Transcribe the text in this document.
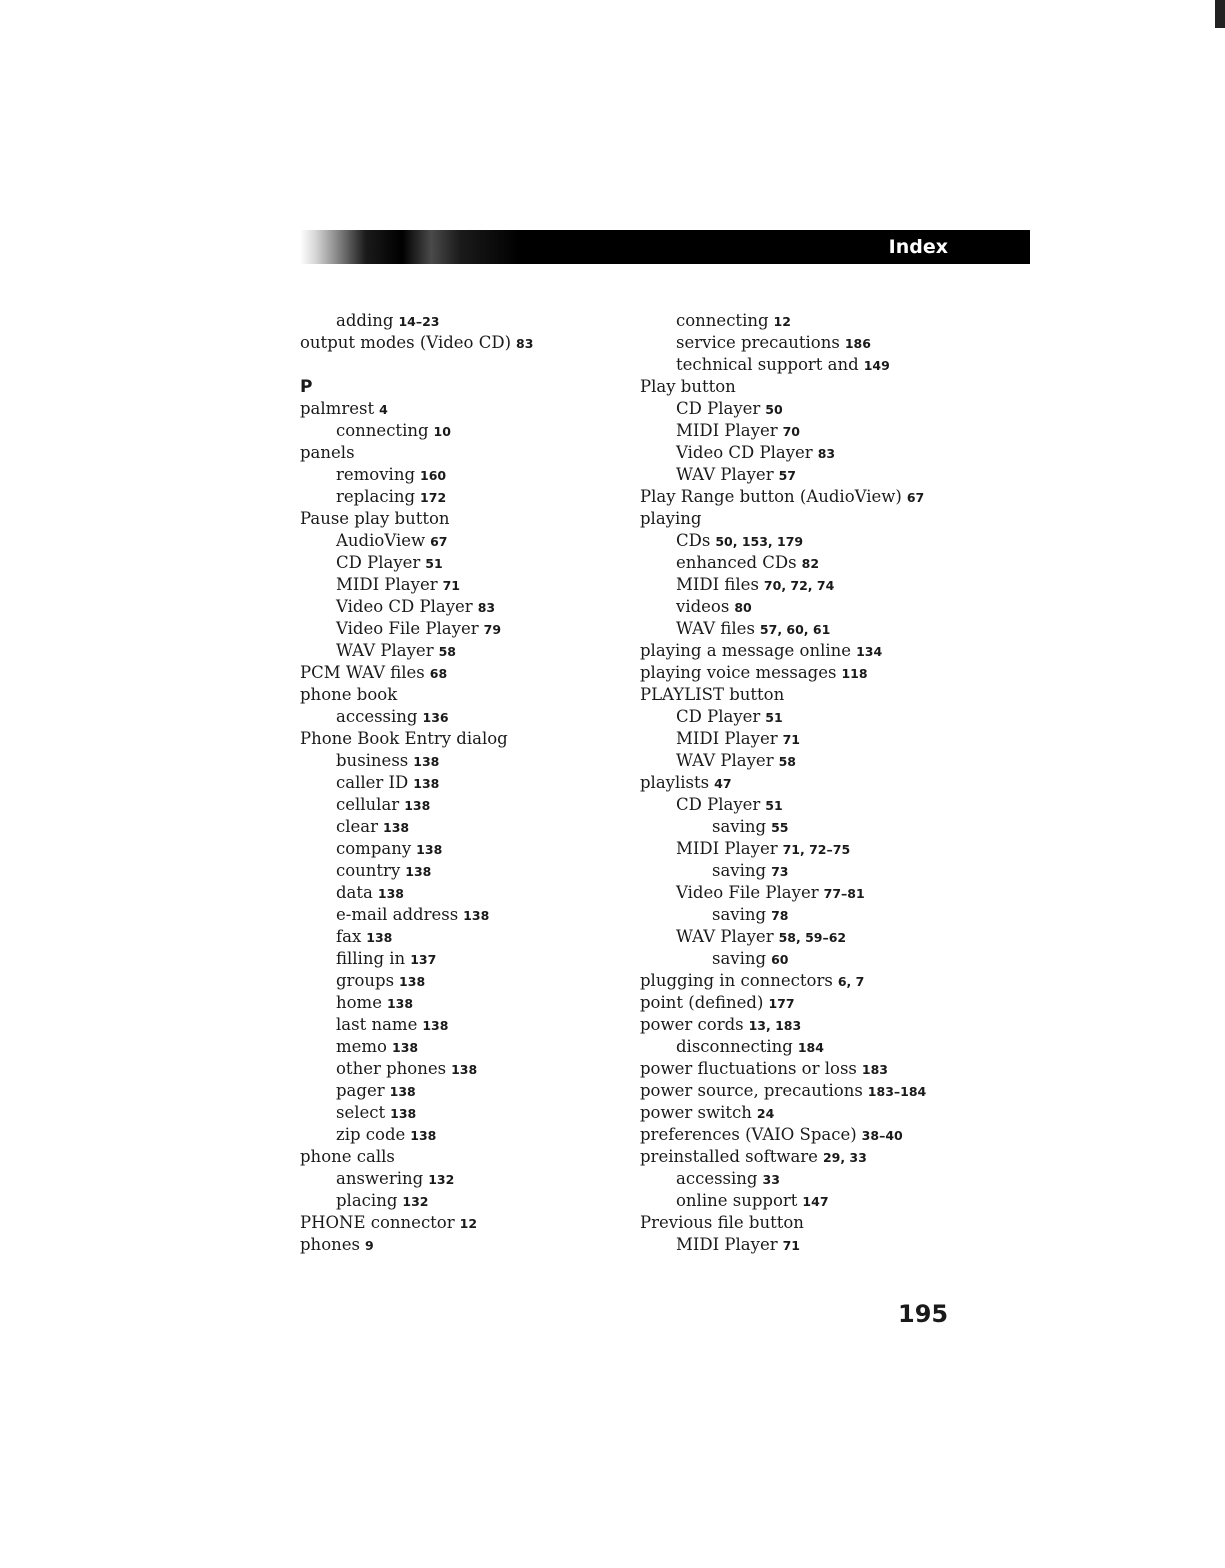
Index
adding 14–23
output modes (Video CD) 83
P
palmrest 4
connecting 10
panels
removing 160
replacing 172
Pause play button
AudioView 67
CD Player 51
MIDI Player 71
Video CD Player 83
Video File Player 79
WAV Player 58
PCM WAV files 68
phone book
accessing 136
Phone Book Entry dialog
business 138
caller ID 138
cellular 138
clear 138
company 138
country 138
data 138
e-mail address 138
fax 138
filling in 137
groups 138
home 138
last name 138
memo 138
other phones 138
pager 138
select 138
zip code 138
phone calls
answering 132
placing 132
PHONE connector 12
phones 9
connecting 12
service precautions 186
technical support and 149
Play button
CD Player 50
MIDI Player 70
Video CD Player 83
WAV Player 57
Play Range button (AudioView) 67
playing
CDs 50, 153, 179
enhanced CDs 82
MIDI files 70, 72, 74
videos 80
WAV files 57, 60, 61
playing a message online 134
playing voice messages 118
PLAYLIST button
CD Player 51
MIDI Player 71
WAV Player 58
playlists 47
CD Player 51
saving 55
MIDI Player 71, 72–75
saving 73
Video File Player 77–81
saving 78
WAV Player 58, 59–62
saving 60
plugging in connectors 6, 7
point (defined) 177
power cords 13, 183
disconnecting 184
power fluctuations or loss 183
power source, precautions 183–184
power switch 24
preferences (VAIO Space) 38–40
preinstalled software 29, 33
accessing 33
online support 147
Previous file button
MIDI Player 71
195
